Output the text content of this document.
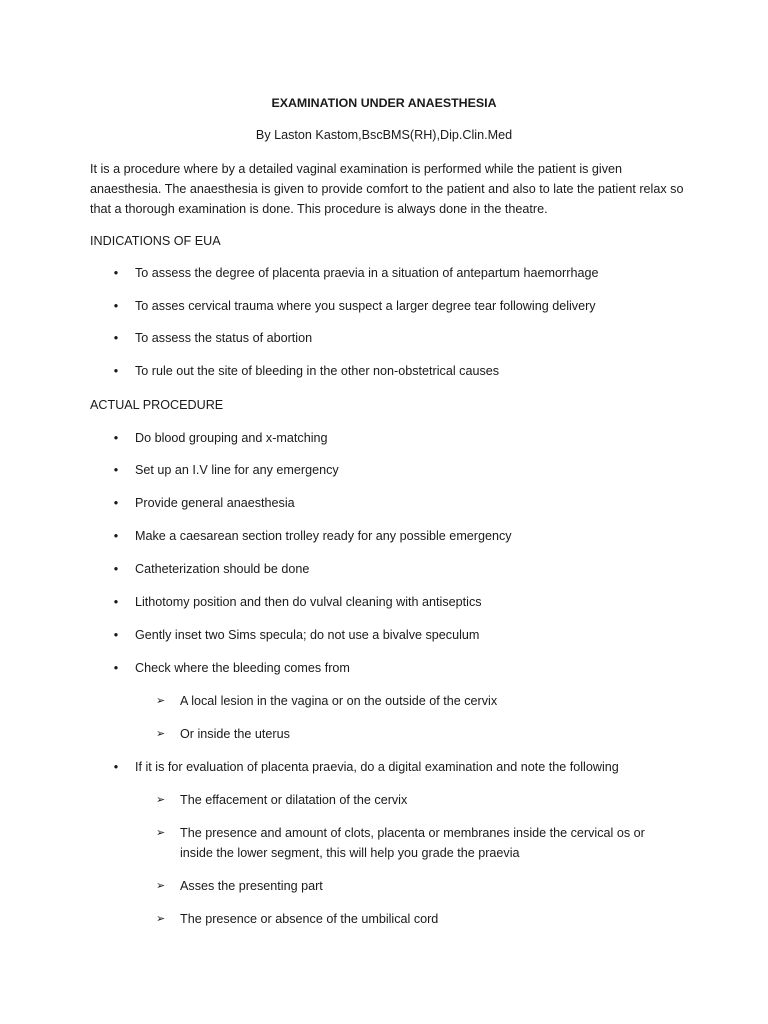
EXAMINATION UNDER ANAESTHESIA
By Laston Kastom,BscBMS(RH),Dip.Clin.Med

It is a procedure where by a detailed vaginal examination is performed while the patient is given anaesthesia. The anaesthesia is given to provide comfort to the patient and also to late the patient relax so that a thorough examination is done. This procedure is always done in the theatre.

INDICATIONS OF EUA
• To assess the degree of placenta praevia in a situation of antepartum haemorrhage
• To asses cervical trauma where you suspect a larger degree tear following delivery
• To assess the status of abortion
• To rule out the site of bleeding in the other non-obstetrical causes
ACTUAL PROCEDURE
• Do blood grouping and x-matching
• Set up an I.V line for any emergency
• Provide general anaesthesia
• Make a caesarean section trolley ready for any possible emergency
• Catheterization should be done
• Lithotomy position and then do vulval cleaning with antiseptics
• Gently inset two Sims specula; do not use a bivalve speculum
• Check where the bleeding comes from
➢ A local lesion in the vagina or on the outside of the cervix
➢ Or inside the uterus
• If it is for evaluation of placenta praevia, do a digital examination and note the following
➢ The effacement or dilatation of the cervix
➢ The presence and amount of clots, placenta or membranes inside the cervical os or inside the lower segment, this will help you grade the praevia
➢ Asses the presenting part
➢ The presence or absence of the umbilical cord
